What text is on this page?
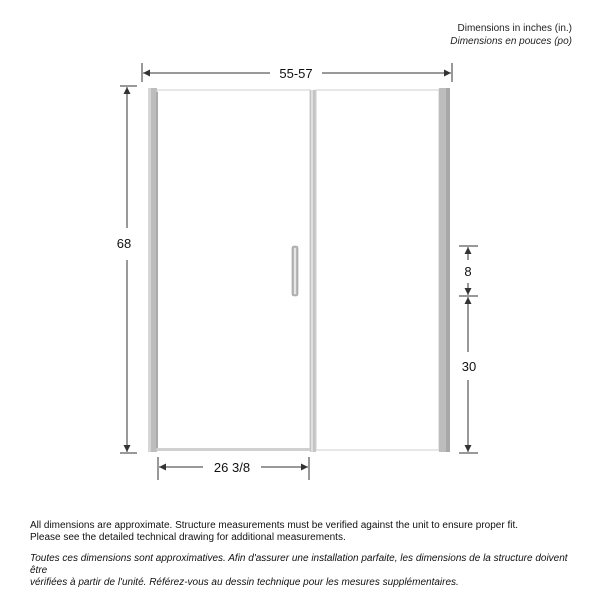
Dimensions in inches (in.)
Dimensions en pouces (po)
55-57
68
26 3/8
8
30

All dimensions are approximate. Structure measurements must be verified against the unit to ensure proper fit.

Please see the detailed technical drawing for additional measurements.

Toutes ces dimensions sont approximatives. Afin d'assurer une installation parfaite, les dimensions de la structure doivent être

vérifiées à partir de l'unité. Référez-vous au dessin technique pour les mesures supplémentaires.
